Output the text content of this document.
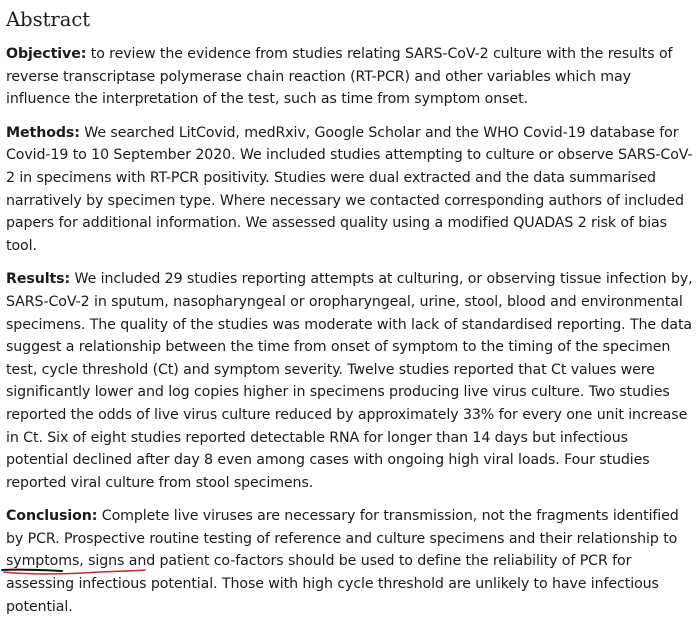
Abstract

Objective: to review the evidence from studies relating SARS-CoV-2 culture with the results of reverse transcriptase polymerase chain reaction (RT-PCR) and other variables which may influence the interpretation of the test, such as time from symptom onset.

Methods: We searched LitCovid, medRxiv, Google Scholar and the WHO Covid-19 database for Covid-19 to 10 September 2020. We included studies attempting to culture or observe SARS-CoV-2 in specimens with RT-PCR positivity. Studies were dual extracted and the data summarised narratively by specimen type. Where necessary we contacted corresponding authors of included papers for additional information. We assessed quality using a modified QUADAS 2 risk of bias tool.

Results: We included 29 studies reporting attempts at culturing, or observing tissue infection by, SARS-CoV-2 in sputum, nasopharyngeal or oropharyngeal, urine, stool, blood and environmental specimens. The quality of the studies was moderate with lack of standardised reporting. The data suggest a relationship between the time from onset of symptom to the timing of the specimen test, cycle threshold (Ct) and symptom severity. Twelve studies reported that Ct values were significantly lower and log copies higher in specimens producing live virus culture. Two studies reported the odds of live virus culture reduced by approximately 33% for every one unit increase in Ct. Six of eight studies reported detectable RNA for longer than 14 days but infectious potential declined after day 8 even among cases with ongoing high viral loads. Four studies reported viral culture from stool specimens.

Conclusion: Complete live viruses are necessary for transmission, not the fragments identified by PCR. Prospective routine testing of reference and culture specimens and their relationship to symptoms, signs and patient co-factors should be used to define the reliability of PCR for assessing infectious potential. Those with high cycle threshold are unlikely to have infectious potential.
